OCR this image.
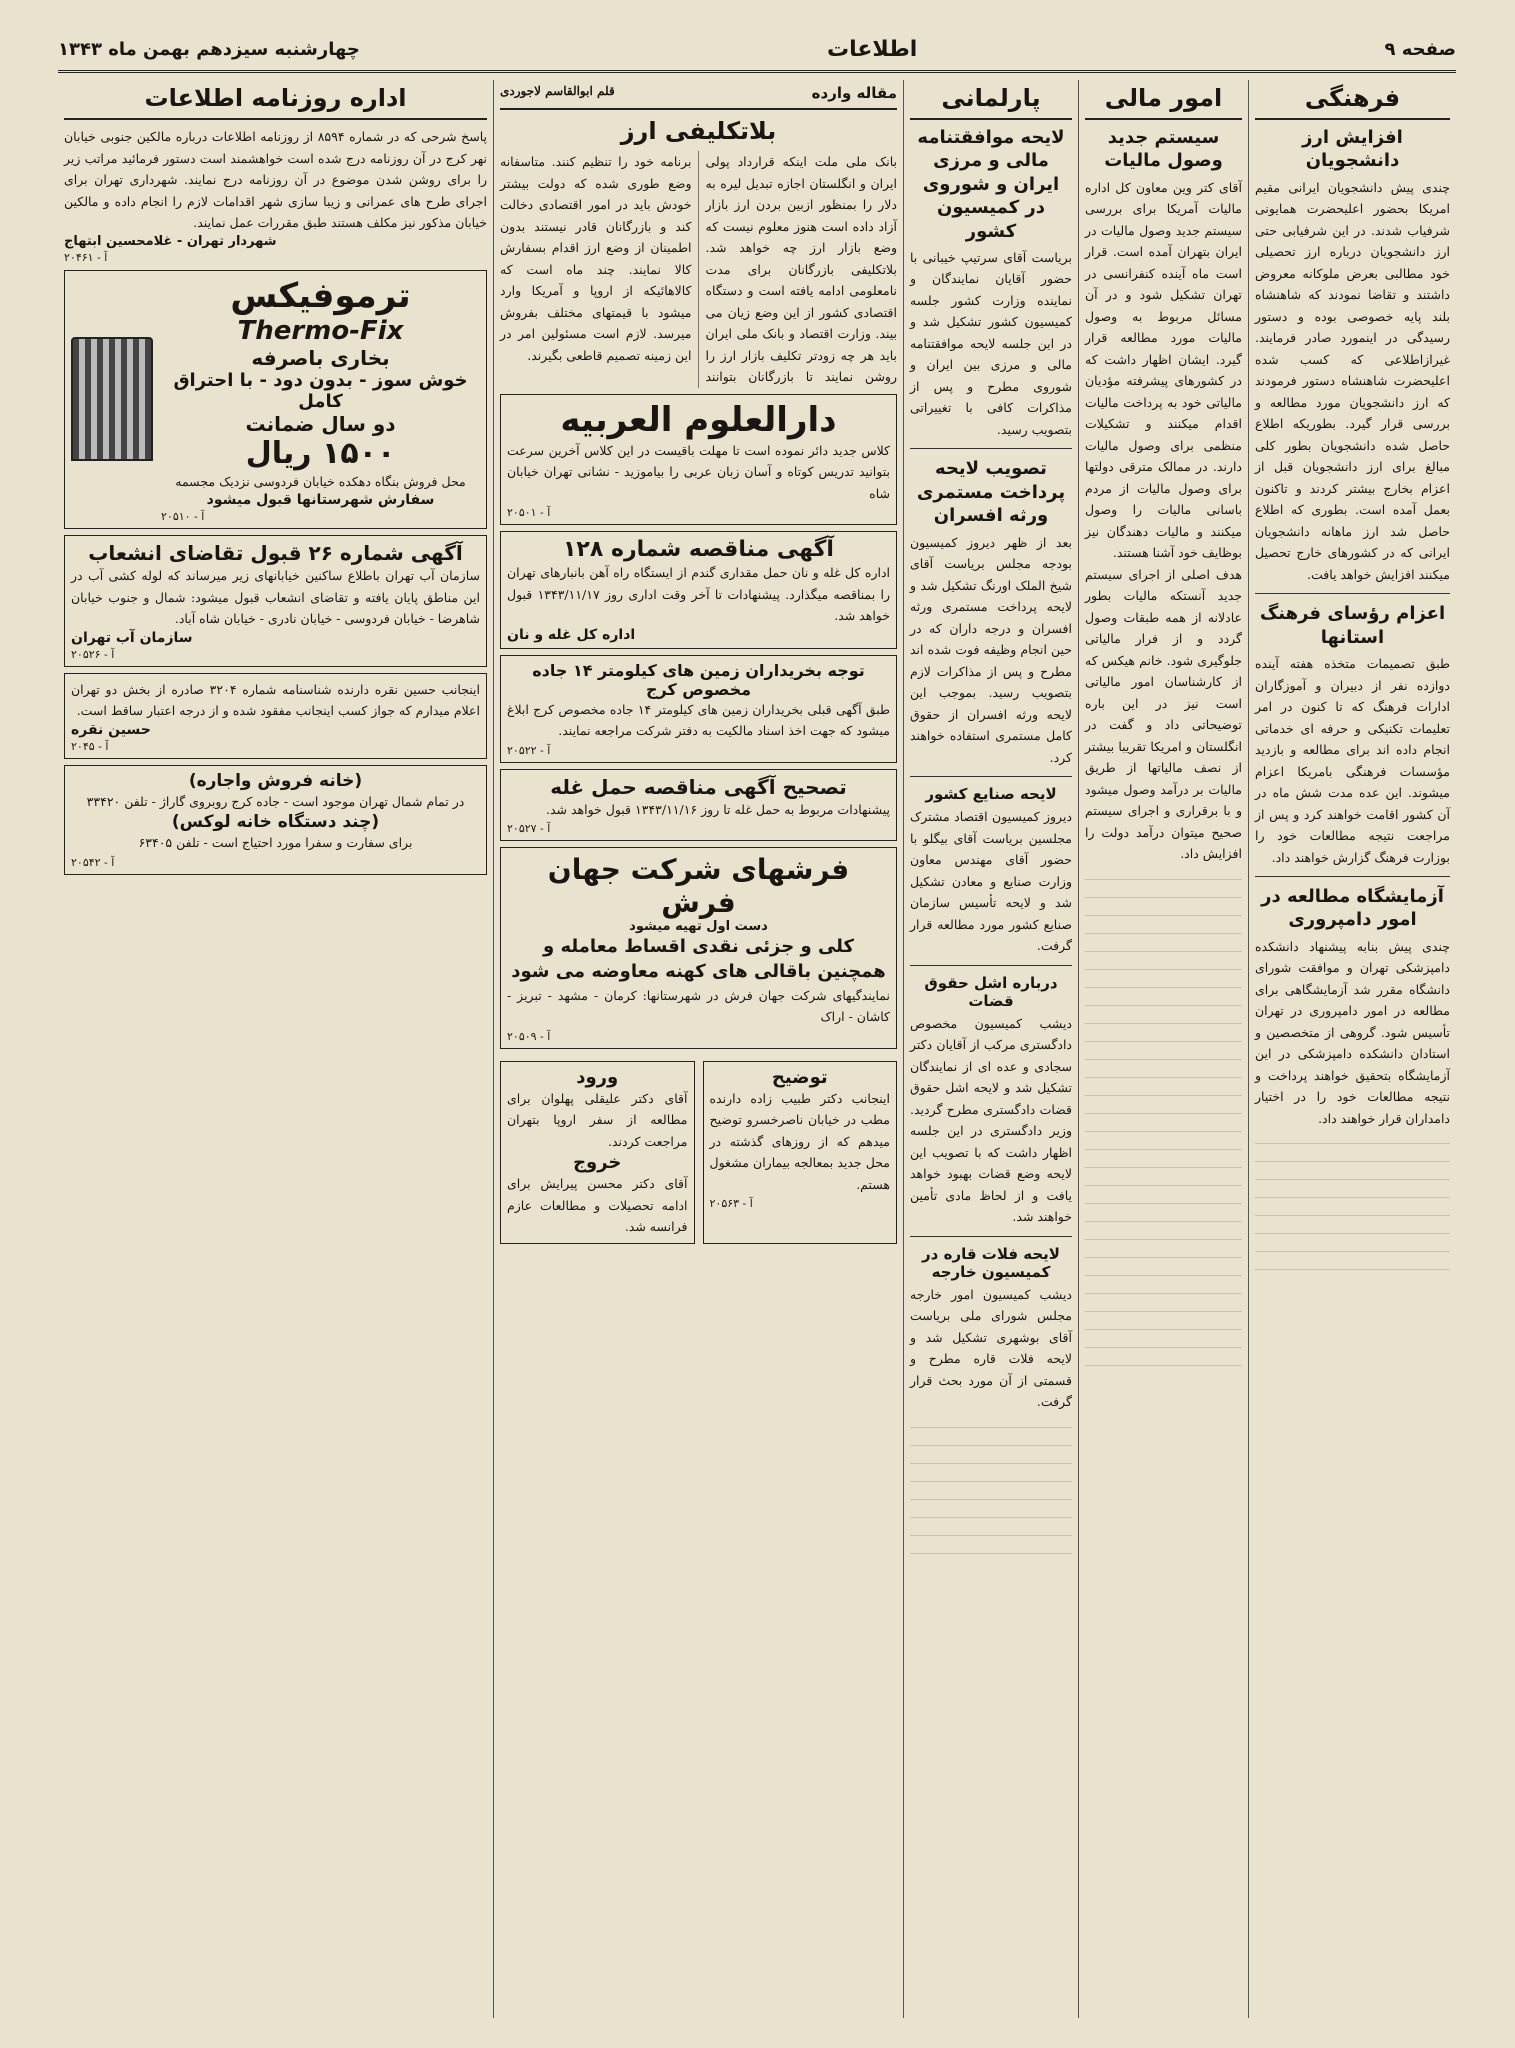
صفحه ۹
اطلاعات
چهارشنبه سیزدهم بهمن ماه ۱۳۴۳
فرهنگی
افزایش ارز دانشجویان
چندی پیش دانشجویان ایرانی مقیم امریکا بحضور اعلیحضرت همایونی شرفیاب شدند. در این شرفیابی حتی ارز دانشجویان درباره ارز تحصیلی خود مطالبی بعرض ملوکانه معروض داشتند و تقاضا نمودند که شاهنشاه بلند پایه خصوصی بوده و دستور رسیدگی در اینمورد صادر فرمایند. غیرازاطلاعی که کسب شده اعلیحضرت شاهنشاه دستور فرمودند که ارز دانشجویان مورد مطالعه و بررسی قرار گیرد. بطوریکه اطلاع حاصل شده دانشجویان بطور کلی مبالغ برای ارز دانشجویان قبل از اعزام بخارج بیشتر کردند و تاکنون بعمل آمده است. بطوری که اطلاع حاصل شد ارز ماهانه دانشجویان ایرانی که در کشورهای خارج تحصیل میکنند افزایش خواهد یافت.
اعزام رؤسای فرهنگ استانها
طبق تصمیمات متخذه هفته آینده دوازده نفر از دبیران و آموزگاران ادارات فرهنگ که تا کنون در امر تعلیمات تکنیکی و حرفه ای خدماتی انجام داده اند برای مطالعه و بازدید مؤسسات فرهنگی بامریکا اعزام میشوند. این عده مدت شش ماه در آن کشور اقامت خواهند کرد و پس از مراجعت نتیجه مطالعات خود را بوزارت فرهنگ گزارش خواهند داد.
آزمایشگاه مطالعه در امور دامپروری
چندی پیش بنابه پیشنهاد دانشکده دامپزشکی تهران و موافقت شورای دانشگاه مقرر شد آزمایشگاهی برای مطالعه در امور دامپروری در تهران تأسیس شود. گروهی از متخصصین و استادان دانشکده دامپزشکی در این آزمایشگاه بتحقیق خواهند پرداخت و نتیجه مطالعات خود را در اختیار دامداران قرار خواهند داد.
امور مالی
سیستم جدید وصول مالیات
آقای کتر وین معاون کل اداره مالیات آمریکا برای بررسی سیستم جدید وصول مالیات در ایران بتهران آمده است. قرار است ماه آینده کنفرانسی در تهران تشکیل شود و در آن مسائل مربوط به وصول مالیات مورد مطالعه قرار گیرد. ایشان اظهار داشت که در کشورهای پیشرفته مؤدیان مالیاتی خود به پرداخت مالیات اقدام میکنند و تشکیلات منظمی برای وصول مالیات دارند. در ممالک مترقی دولتها برای وصول مالیات از مردم باسانی مالیات را وصول میکنند و مالیات دهندگان نیز بوظایف خود آشنا هستند.
هدف اصلی از اجرای سیستم جدید آنستکه مالیات بطور عادلانه از همه طبقات وصول گردد و از فرار مالیاتی جلوگیری شود. خانم هیکس که از کارشناسان امور مالیاتی است نیز در این باره توضیحاتی داد و گفت در انگلستان و امریکا تقریبا بیشتر از نصف مالیاتها از طریق مالیات بر درآمد وصول میشود و با برقراری و اجرای سیستم صحیح میتوان درآمد دولت را افزایش داد.
پارلمانی
لایحه موافقتنامه مالی و مرزی ایران و شوروی در کمیسیون کشور
بریاست آقای سرتیپ خیبانی با حضور آقایان نمایندگان و نماینده وزارت کشور جلسه کمیسیون کشور تشکیل شد و در این جلسه لایحه موافقتنامه مالی و مرزی بین ایران و شوروی مطرح و پس از مذاکرات کافی با تغییراتی بتصویب رسید.
تصویب لایحه پرداخت مستمری ورثه افسران
بعد از ظهر دیروز کمیسیون بودجه مجلس بریاست آقای شیخ الملک اورنگ تشکیل شد و لایحه پرداخت مستمری ورثه افسران و درجه داران که در حین انجام وظیفه فوت شده اند مطرح و پس از مذاکرات لازم بتصویب رسید. بموجب این لایحه ورثه افسران از حقوق کامل مستمری استفاده خواهند کرد.
لایحه صنایع کشور
دیروز کمیسیون اقتصاد مشترک مجلسین بریاست آقای بیگلو با حضور آقای مهندس معاون وزارت صنایع و معادن تشکیل شد و لایحه تأسیس سازمان صنایع کشور مورد مطالعه قرار گرفت.
درباره اشل حقوق قضات
دیشب کمیسیون مخصوص دادگستری مرکب از آقایان دکتر سجادی و عده ای از نمایندگان تشکیل شد و لایحه اشل حقوق قضات دادگستری مطرح گردید. وزیر دادگستری در این جلسه اظهار داشت که با تصویب این لایحه وضع قضات بهبود خواهد یافت و از لحاظ مادی تأمین خواهند شد.
لایحه فلات قاره در کمیسیون خارجه
دیشب کمیسیون امور خارجه مجلس شورای ملی بریاست آقای بوشهری تشکیل شد و لایحه فلات قاره مطرح و قسمتی از آن مورد بحث قرار گرفت.
مقاله وارده
قلم ابوالقاسم لاجوردی
بلاتکلیفی ارز
بانک ملی ملت اینکه قرارداد پولی ایران و انگلستان اجازه تبدیل لیره به دلار را بمنظور ازبین بردن ارز بازار آزاد داده است هنوز معلوم نیست که وضع بازار ارز چه خواهد شد. بلاتکلیفی بازرگانان برای مدت نامعلومی ادامه یافته است و دستگاه اقتصادی کشور از این وضع زیان می بیند. وزارت اقتصاد و بانک ملی ایران باید هر چه زودتر تکلیف بازار ارز را روشن نمایند تا بازرگانان بتوانند برنامه خود را تنظیم کنند. متاسفانه وضع طوری شده که دولت بیشتر خودش باید در امور اقتصادی دخالت کند و بازرگانان قادر نیستند بدون اطمینان از وضع ارز اقدام بسفارش کالا نمایند. چند ماه است که کالاهائیکه از اروپا و آمریکا وارد میشود با قیمتهای مختلف بفروش میرسد. لازم است مسئولین امر در این زمینه تصمیم قاطعی بگیرند.
دارالعلوم العربیه
کلاس جدید دائر نموده است تا مهلت باقیست در این کلاس آخرین سرعت بتوانید تدریس کوتاه و آسان زبان عربی را بیاموزید - نشانی تهران خیابان شاه
۲۰۵۰۱ - آ
آگهی مناقصه شماره ۱۲۸
اداره کل غله و نان حمل مقداری گندم از ایستگاه راه آهن بانبارهای تهران را بمناقصه میگذارد. پیشنهادات تا آخر وقت اداری روز ۱۳۴۳/۱۱/۱۷ قبول خواهد شد.
اداره کل غله و نان
توجه بخریداران زمین های کیلومتر ۱۴ جاده مخصوص کرج
طبق آگهی قبلی بخریداران زمین های کیلومتر ۱۴ جاده مخصوص کرج ابلاغ میشود که جهت اخذ اسناد مالکیت به دفتر شرکت مراجعه نمایند.
۲۰۵۲۲ - آ
تصحیح آگهی مناقصه حمل غله
پیشنهادات مربوط به حمل غله تا روز ۱۳۴۳/۱۱/۱۶ قبول خواهد شد.
۲۰۵۲۷ - آ
فرشهای شرکت جهان فرش
دست اول تهیه میشود
کلی و جزئی نقدی اقساط معامله و همچنین باقالی های کهنه معاوضه می شود
نمایندگیهای شرکت جهان فرش در شهرستانها: کرمان - مشهد - تبریز - کاشان - اراک
۲۰۵۰۹ - آ
توضیح
اینجانب دکتر طبیب زاده دارنده مطب در خیابان ناصرخسرو توضیح میدهم که از روزهای گذشته در محل جدید بمعالجه بیماران مشغول هستم.
۲۰۵۶۳ - آ
ورود
آقای دکتر علیقلی پهلوان برای مطالعه از سفر اروپا بتهران مراجعت کردند.
خروج
آقای دکتر محسن پیرایش برای ادامه تحصیلات و مطالعات عازم فرانسه شد.
اداره روزنامه اطلاعات
پاسخ شرحی که در شماره ۸۵۹۴ از روزنامه اطلاعات درباره مالکین جنوبی خیابان نهر کرج در آن روزنامه درج شده است خواهشمند است دستور فرمائید مراتب زیر را برای روشن شدن موضوع در آن روزنامه درج نمایند. شهرداری تهران برای اجرای طرح های عمرانی و زیبا سازی شهر اقدامات لازم را انجام داده و مالکین خیابان مذکور نیز مکلف هستند طبق مقررات عمل نمایند.
شهردار تهران - غلامحسین ابتهاج
۲۰۴۶۱ - آ
ترموفیکس
Thermo-Fix
بخاری باصرفه
خوش سوز - بدون دود - با احتراق کامل
دو سال ضمانت
۱۵۰۰ ریال
محل فروش بنگاه دهکده خیابان فردوسی نزدیک مجسمه
سفارش شهرستانها قبول میشود
۲۰۵۱۰ - آ
آگهی شماره ۲۶ قبول تقاضای انشعاب
سازمان آب تهران باطلاع ساکنین خیابانهای زیر میرساند که لوله کشی آب در این مناطق پایان یافته و تقاضای انشعاب قبول میشود: شمال و جنوب خیابان شاهرضا - خیابان فردوسی - خیابان نادری - خیابان شاه آباد.
سازمان آب تهران
۲۰۵۲۶ - آ
اینجانب حسین نقره دارنده شناسنامه شماره ۳۲۰۴ صادره از بخش دو تهران اعلام میدارم که جواز کسب اینجانب مفقود شده و از درجه اعتبار ساقط است.
حسین نقره
۲۰۴۵ - آ
(خانه فروش واجاره)
در تمام شمال تهران موجود است - جاده کرج روبروی گاراژ - تلفن ۳۳۴۲۰
(چند دستگاه خانه لوکس)
برای سفارت و سفرا مورد احتیاج است - تلفن ۶۳۴۰۵
۲۰۵۴۲ - آ
